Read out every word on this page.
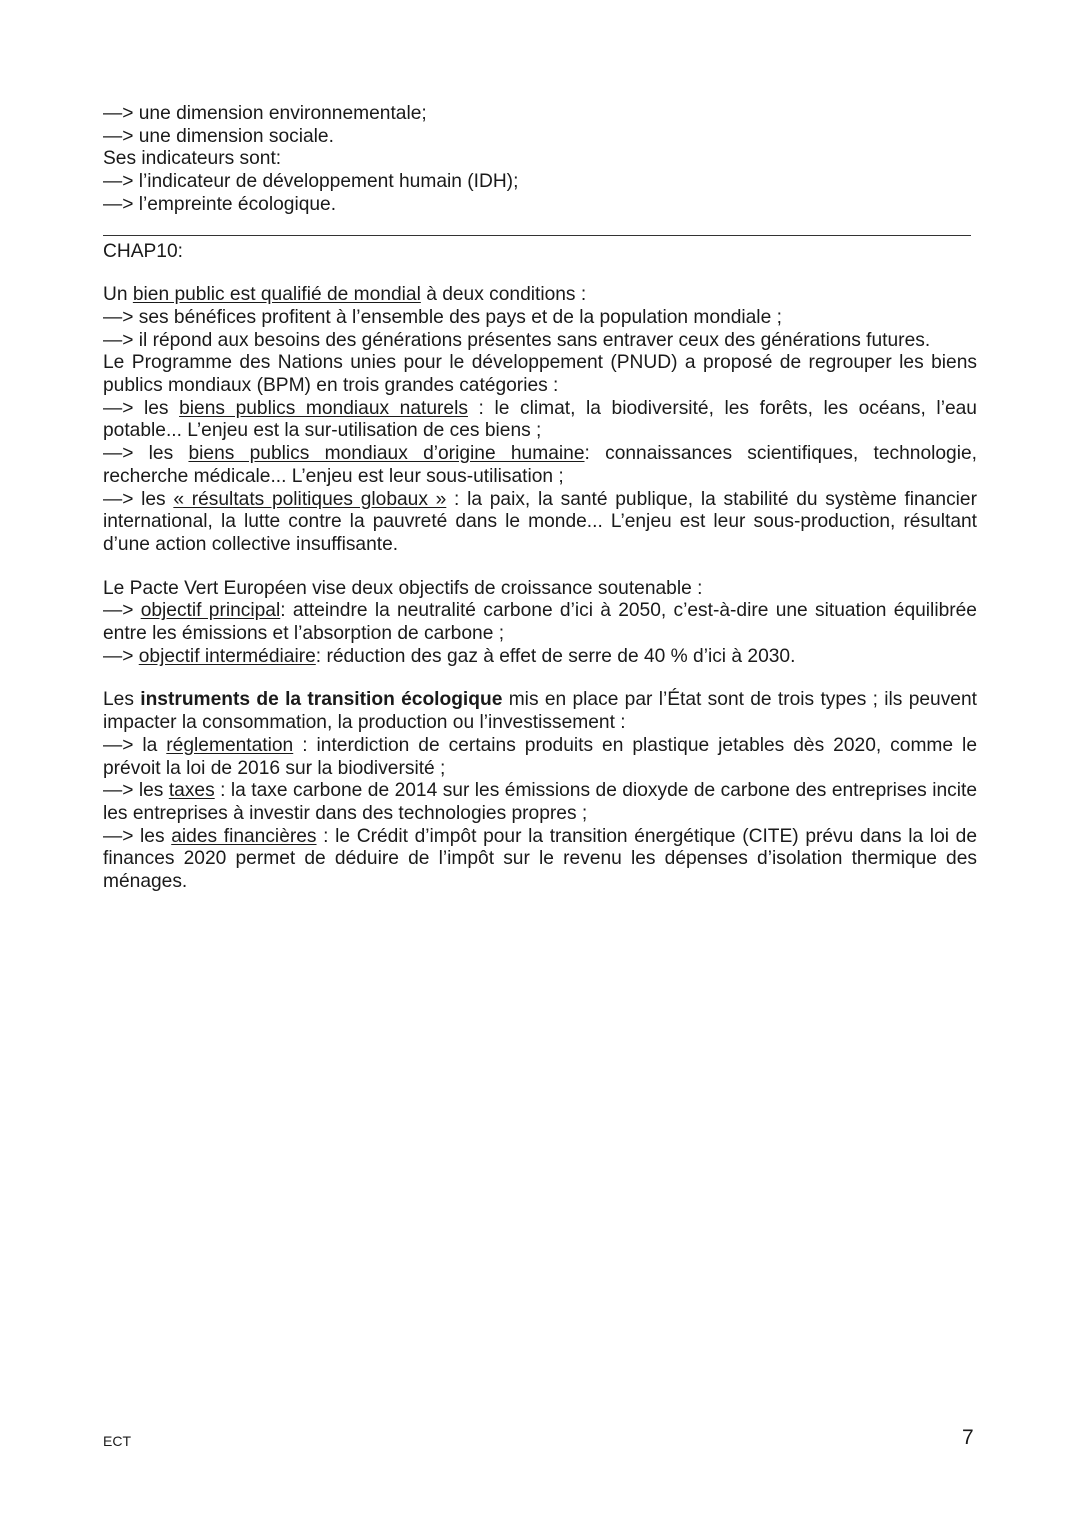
—> une dimension environnementale;
—> une dimension sociale.
Ses indicateurs sont:
—> l’indicateur de développement humain (IDH);
—> l’empreinte écologique.
CHAP10:
Un bien public est qualifié de mondial à deux conditions :
—> ses bénéfices profitent à l’ensemble des pays et de la population mondiale ;
—> il répond aux besoins des générations présentes sans entraver ceux des générations futures.
Le Programme des Nations unies pour le développement (PNUD) a proposé de regrouper les biens publics mondiaux (BPM) en trois grandes catégories :
—> les biens publics mondiaux naturels : le climat, la biodiversité, les forêts, les océans, l’eau potable... L’enjeu est la sur-utilisation de ces biens ;
—> les biens publics mondiaux d’origine humaine: connaissances scientifiques, technologie, recherche médicale... L’enjeu est leur sous-utilisation ;
—> les « résultats politiques globaux » : la paix, la santé publique, la stabilité du système financier international, la lutte contre la pauvreté dans le monde... L’enjeu est leur sous-production, résultant d’une action collective insuffisante.
Le Pacte Vert Européen vise deux objectifs de croissance soutenable :
—> objectif principal: atteindre la neutralité carbone d’ici à 2050, c’est-à-dire une situation équilibrée entre les émissions et l’absorption de carbone ;
—> objectif intermédiaire: réduction des gaz à effet de serre de 40 % d’ici à 2030.
Les instruments de la transition écologique mis en place par l’État sont de trois types ; ils peuvent impacter la consommation, la production ou l’investissement :
—> la réglementation : interdiction de certains produits en plastique jetables dès 2020, comme le prévoit la loi de 2016 sur la biodiversité ;
—> les taxes : la taxe carbone de 2014 sur les émissions de dioxyde de carbone des entreprises incite les entreprises à investir dans des technologies propres ;
—> les aides financières : le Crédit d’impôt pour la transition énergétique (CITE) prévu dans la loi de finances 2020 permet de déduire de l’impôt sur le revenu les dépenses d’isolation thermique des ménages.
ECT	7
